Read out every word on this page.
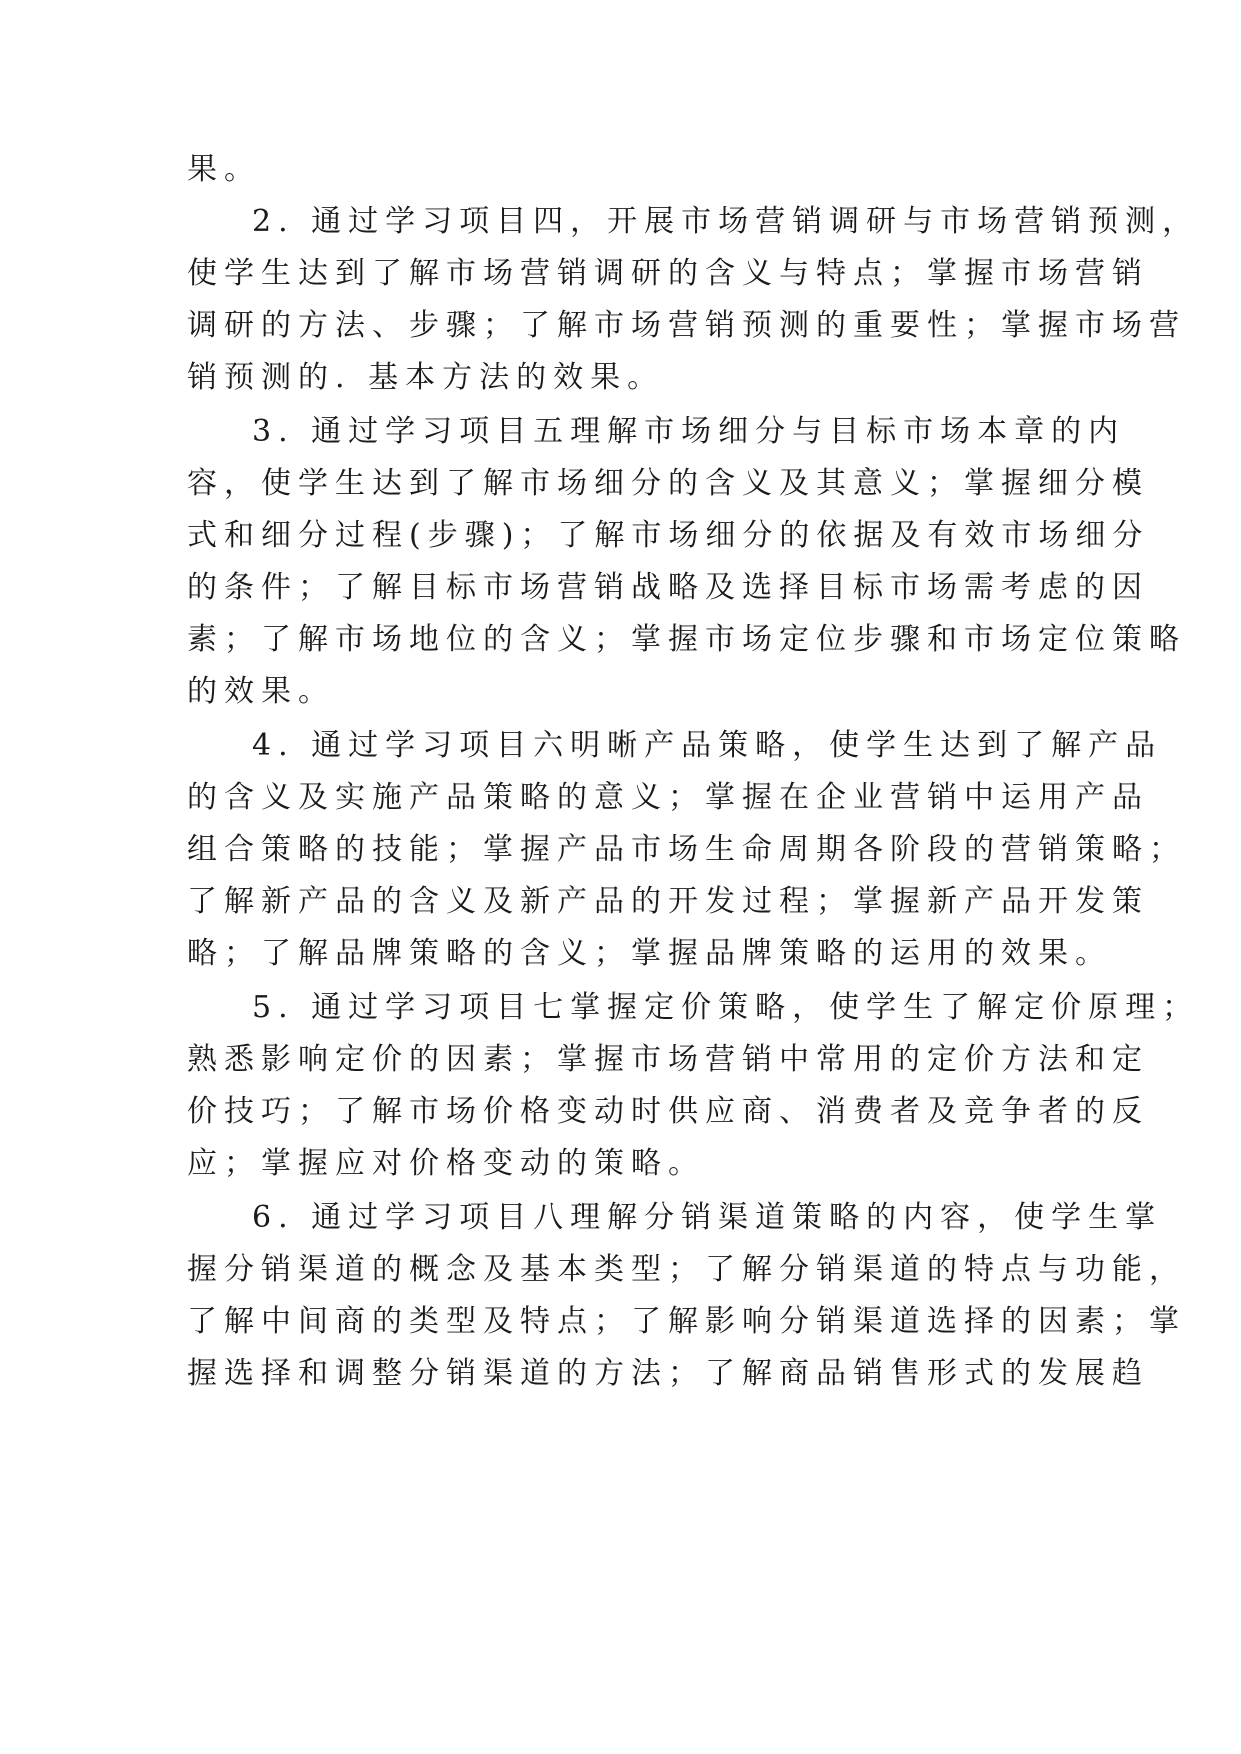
果。
2. 通过学习项目四，开展市场营销调研与市场营销预测，
使学生达到了解市场营销调研的含义与特点；掌握市场营销
调研的方法、步骤；了解市场营销预测的重要性；掌握市场营
销预测的. 基本方法的效果。
3. 通过学习项目五理解市场细分与目标市场本章的内
容，使学生达到了解市场细分的含义及其意义；掌握细分模
式和细分过程(步骤)；了解市场细分的依据及有效市场细分
的条件；了解目标市场营销战略及选择目标市场需考虑的因
素；了解市场地位的含义；掌握市场定位步骤和市场定位策略
的效果。
4. 通过学习项目六明晰产品策略，使学生达到了解产品
的含义及实施产品策略的意义；掌握在企业营销中运用产品
组合策略的技能；掌握产品市场生命周期各阶段的营销策略；
了解新产品的含义及新产品的开发过程；掌握新产品开发策
略；了解品牌策略的含义；掌握品牌策略的运用的效果。
5. 通过学习项目七掌握定价策略，使学生了解定价原理；
熟悉影响定价的因素；掌握市场营销中常用的定价方法和定
价技巧；了解市场价格变动时供应商、消费者及竞争者的反
应；掌握应对价格变动的策略。
6. 通过学习项目八理解分销渠道策略的内容，使学生掌
握分销渠道的概念及基本类型；了解分销渠道的特点与功能，
了解中间商的类型及特点；了解影响分销渠道选择的因素；掌
握选择和调整分销渠道的方法；了解商品销售形式的发展趋
